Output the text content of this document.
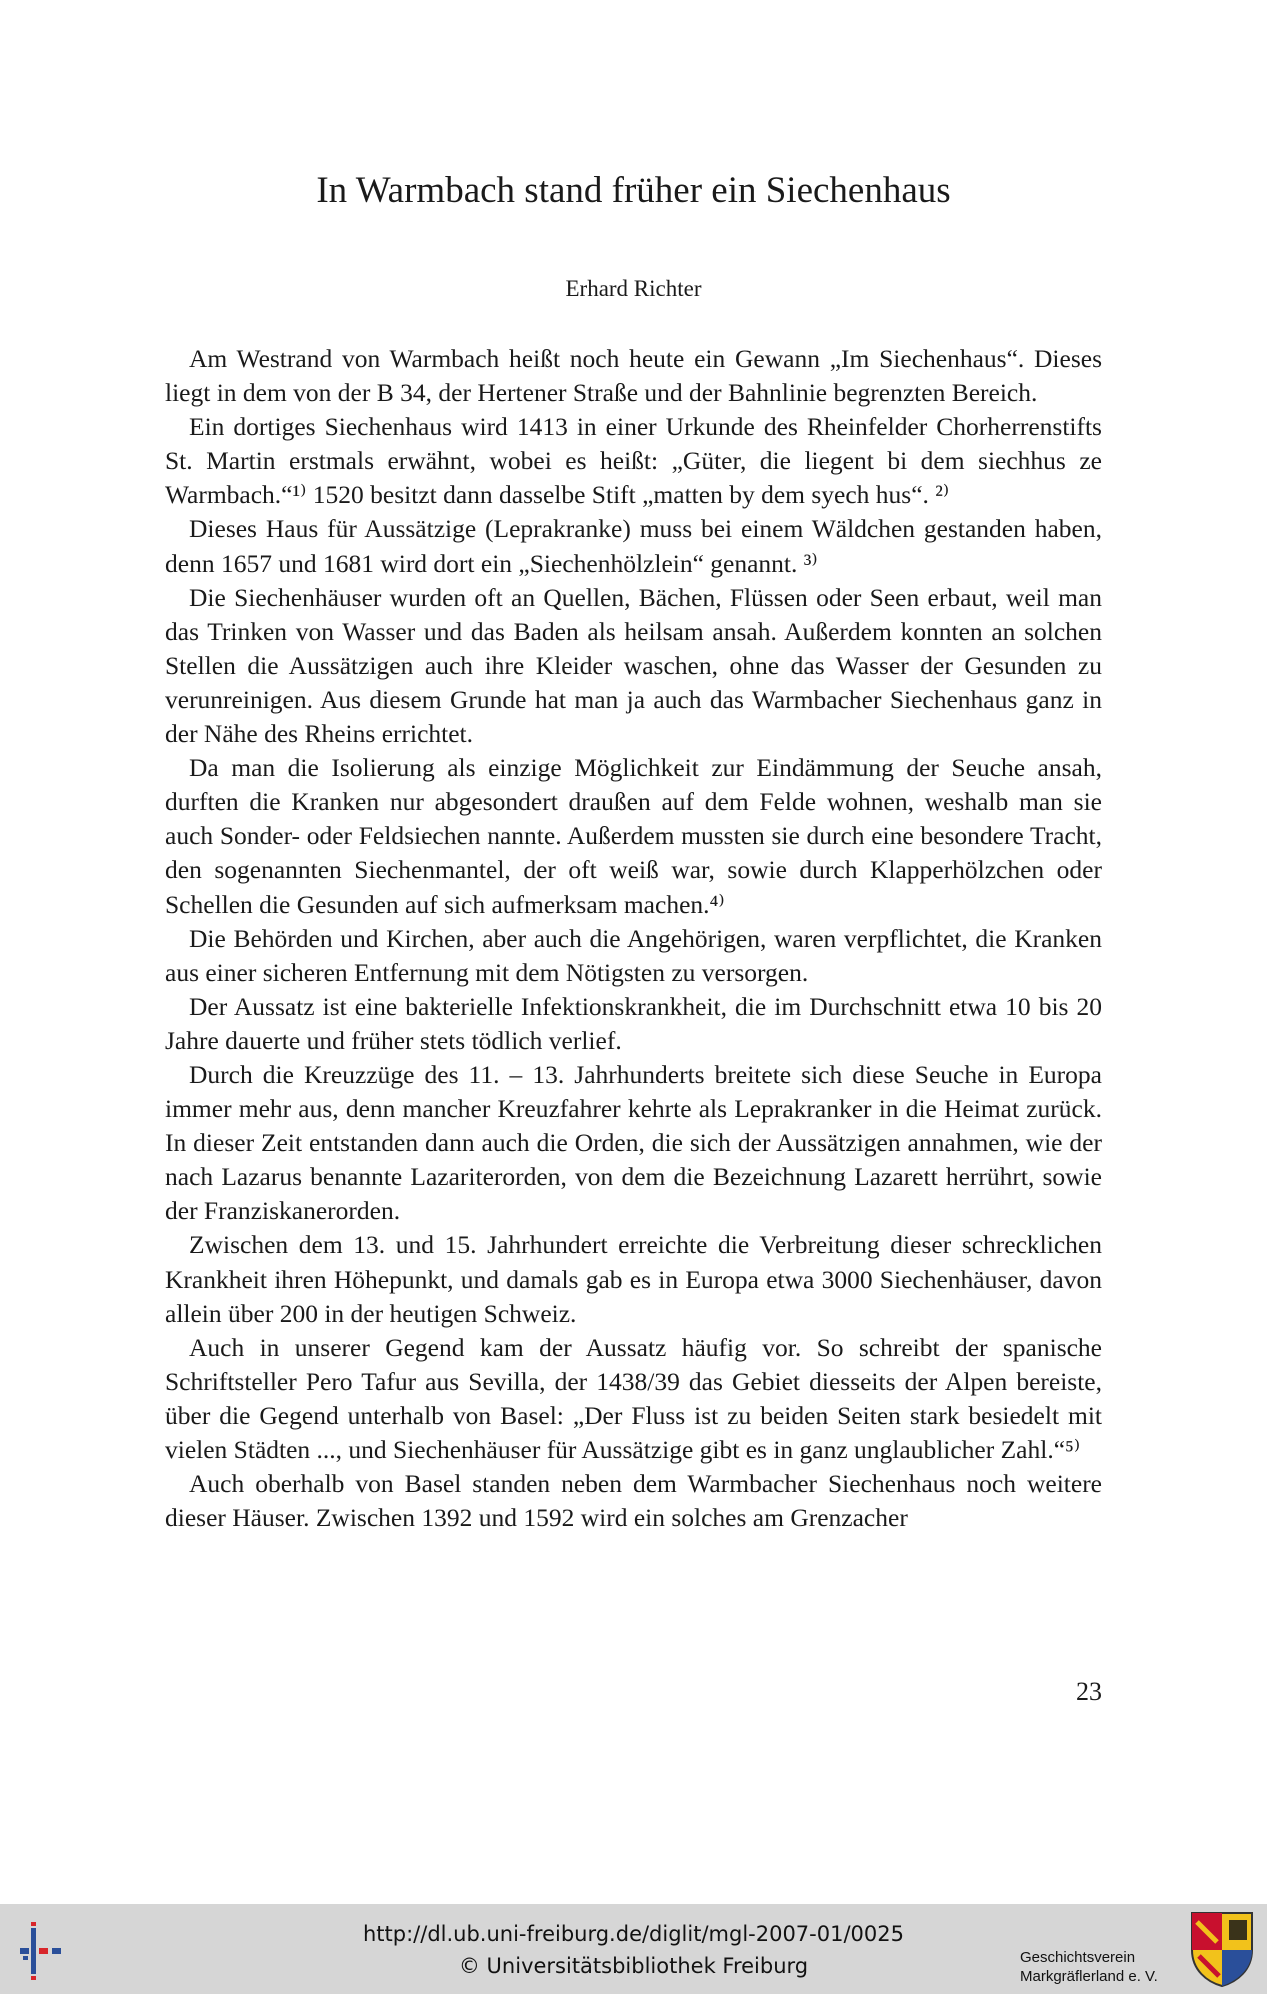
In Warmbach stand früher ein Siechenhaus
Erhard Richter

Am Westrand von Warmbach heißt noch heute ein Gewann „Im Siechenhaus“. Dieses liegt in dem von der B 34, der Hertener Straße und der Bahnlinie begrenzten Bereich.

Ein dortiges Siechenhaus wird 1413 in einer Urkunde des Rheinfelder Chorherrenstifts St. Martin erstmals erwähnt, wobei es heißt: „Güter, die liegent bi dem siechhus ze Warmbach.“¹⁾ 1520 besitzt dann dasselbe Stift „matten by dem syech hus“. ²⁾

Dieses Haus für Aussätzige (Leprakranke) muss bei einem Wäldchen gestanden haben, denn 1657 und 1681 wird dort ein „Siechenhölzlein“ genannt. ³⁾

Die Siechenhäuser wurden oft an Quellen, Bächen, Flüssen oder Seen erbaut, weil man das Trinken von Wasser und das Baden als heilsam ansah. Außerdem konnten an solchen Stellen die Aussätzigen auch ihre Kleider waschen, ohne das Wasser der Gesunden zu verunreinigen. Aus diesem Grunde hat man ja auch das Warmbacher Siechenhaus ganz in der Nähe des Rheins errichtet.

Da man die Isolierung als einzige Möglichkeit zur Eindämmung der Seuche ansah, durften die Kranken nur abgesondert draußen auf dem Felde wohnen, weshalb man sie auch Sonder- oder Feldsiechen nannte. Außerdem mussten sie durch eine besondere Tracht, den sogenannten Siechenmantel, der oft weiß war, sowie durch Klapperhölzchen oder Schellen die Gesunden auf sich aufmerksam machen.⁴⁾

Die Behörden und Kirchen, aber auch die Angehörigen, waren verpflichtet, die Kranken aus einer sicheren Entfernung mit dem Nötigsten zu versorgen.

Der Aussatz ist eine bakterielle Infektionskrankheit, die im Durchschnitt etwa 10 bis 20 Jahre dauerte und früher stets tödlich verlief.

Durch die Kreuzzüge des 11. – 13. Jahrhunderts breitete sich diese Seuche in Europa immer mehr aus, denn mancher Kreuzfahrer kehrte als Leprakranker in die Heimat zurück. In dieser Zeit entstanden dann auch die Orden, die sich der Aussätzigen annahmen, wie der nach Lazarus benannte Lazariterorden, von dem die Bezeichnung Lazarett herrührt, sowie der Franziskanerorden.

Zwischen dem 13. und 15. Jahrhundert erreichte die Verbreitung dieser schrecklichen Krankheit ihren Höhepunkt, und damals gab es in Europa etwa 3000 Siechenhäuser, davon allein über 200 in der heutigen Schweiz.

Auch in unserer Gegend kam der Aussatz häufig vor. So schreibt der spanische Schriftsteller Pero Tafur aus Sevilla, der 1438/39 das Gebiet diesseits der Alpen bereiste, über die Gegend unterhalb von Basel: „Der Fluss ist zu beiden Seiten stark besiedelt mit vielen Städten ..., und Siechenhäuser für Aussätzige gibt es in ganz unglaublicher Zahl.“⁵⁾

Auch oberhalb von Basel standen neben dem Warmbacher Siechenhaus noch weitere dieser Häuser. Zwischen 1392 und 1592 wird ein solches am Grenzacher

23
http://dl.ub.uni-freiburg.de/diglit/mgl-2007-01/0025
© Universitätsbibliothek Freiburg	Geschichtsverein
Markgräflerland e. V.
